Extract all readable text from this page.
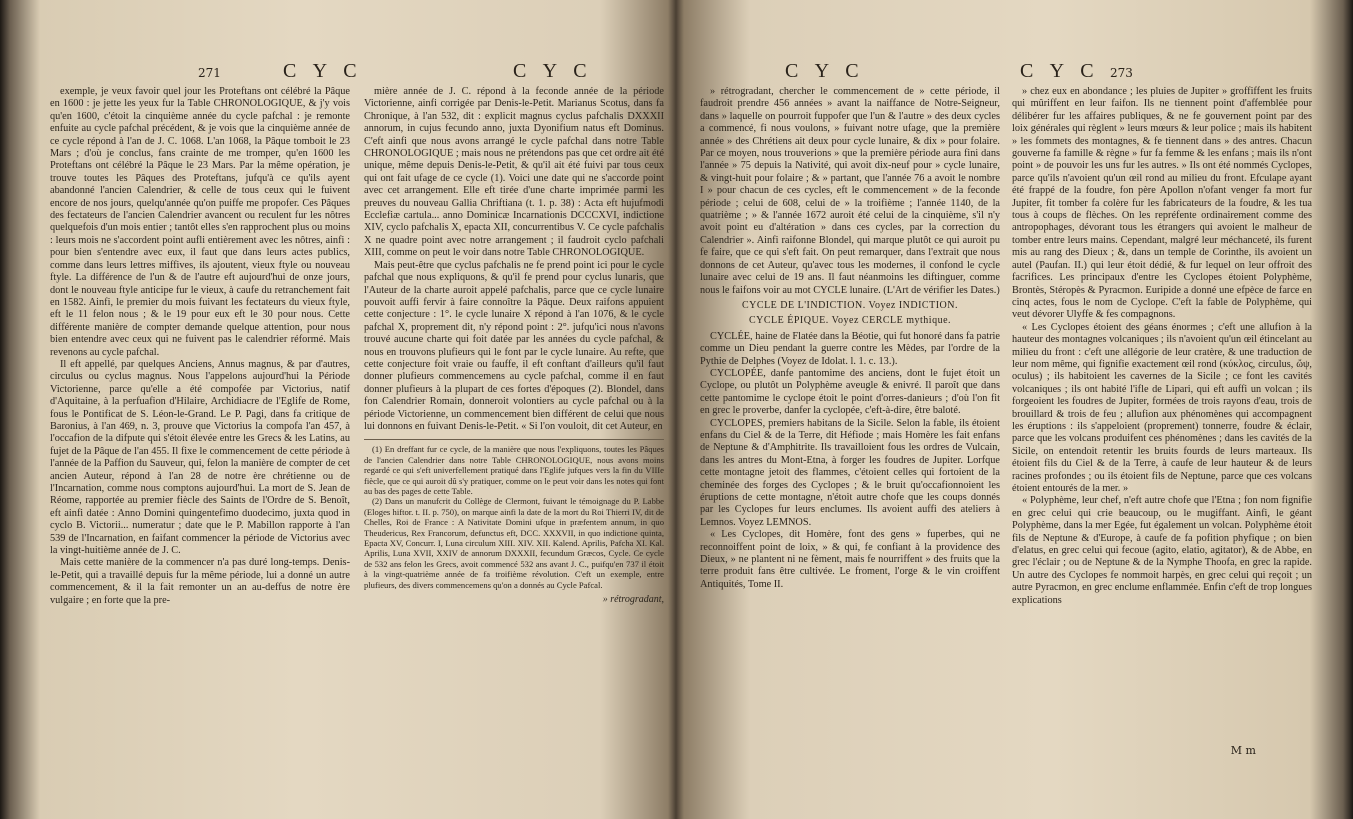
271	C Y C	C Y C

exemple, je veux favoir quel jour les Proteftans ont célébré la Pâque en 1600 : je jette les yeux fur la Table CHRONOLOGIQUE, & j'y vois qu'en 1600, c'étoit la cinquième année du cycle pafchal : je remonte enfuite au cycle pafchal précédent, & je vois que la cinquième année de ce cycle répond à l'an de J. C. 1068. L'an 1068, la Pâque tomboit le 23 Mars ; d'où je conclus, fans crainte de me tromper, qu'en 1600 les Proteftans ont célébré la Pâque le 23 Mars. Par la même opération, je trouve toutes les Pâques des Proteftans, jufqu'à ce qu'ils ayent abandonné l'ancien Calendrier, & celle de tous ceux qui le fuivent encore de nos jours, quelqu'année qu'on puiffe me propofer. Ces Pâques des fectateurs de l'ancien Calendrier avancent ou reculent fur les nôtres quelquefois d'un mois entier ; tantôt elles s'en rapprochent plus ou moins : leurs mois ne s'accordent point aufli entièrement avec les nôtres, ainfi : pour bien s'entendre avec eux, il faut que dans leurs actes publics, comme dans leurs lettres miffives, ils ajoutent, vieux ftyle ou nouveau ftyle. La différence de l'un & de l'autre eft aujourd'hui de onze jours, dont le nouveau ftyle anticipe fur le vieux, à caufe du retranchement fait en 1582. Ainfi, le premier du mois fuivant les fectateurs du vieux ftyle, eft le 11 felon nous ; & le 19 pour eux eft le 30 pour nous. Cette différente manière de compter demande quelque attention, pour nous bien entendre avec ceux qui ne fuivent pas le calendrier réformé. Mais revenons au cycle pafchal.

Il eft appellé, par quelques Anciens, Annus magnus, & par d'autres, circulus ou cyclus magnus. Nous l'appelons aujourd'hui la Période Victorienne, parce qu'elle a été compofée par Victorius, natif d'Aquitaine, à la perfuafion d'Hilaire, Archidiacre de l'Eglife de Rome, fous le Pontificat de S. Léon-le-Grand. Le P. Pagi, dans fa critique de Baronius, à l'an 469, n. 3, prouve que Victorius la compofa l'an 457, à l'occafion de la difpute qui s'étoit élevée entre les Grecs & les Latins, au fujet de la Pâque de l'an 455. Il fixe le commencement de cette période à l'année de la Paffion du Sauveur, qui, felon la manière de compter de cet ancien Auteur, répond à l'an 28 de notre ère chrétienne ou de l'Incarnation, comme nous comptons aujourd'hui. La mort de S. Jean de Réome, rapportée au premier fiècle des Saints de l'Ordre de S. Benoît, eft ainfi datée : Anno Domini quingentefimo duodecimo, juxta quod in cyclo B. Victorii... numeratur ; date que le P. Mabillon rapporte à l'an 539 de l'Incarnation, en faifant commencer la période de Victorius avec la vingt-huitième année de J. C.

Mais cette manière de la commencer n'a pas duré long-temps. Denis-le-Petit, qui a travaillé depuis fur la même période, lui a donné un autre commencement, & il la fait remonter un an au-deffus de notre ère vulgaire ; en forte que la pre-

mière année de J. C. répond à la feconde année de la période Victorienne, ainfi corrigée par Denis-le-Petit. Marianus Scotus, dans fa Chronique, à l'an 532, dit : explicit magnus cyclus pafchalis DXXXII annorum, in cujus fecundo anno, juxta Dyonifium natus eft Dominus. C'eft ainfi que nous avons arrangé le cycle pafchal dans notre Table CHRONOLOGIQUE ; mais nous ne prétendons pas que cet ordre ait été unique, même depuis Denis-le-Petit, & qu'il ait été fuivi par tous ceux qui ont fait ufage de ce cycle (1). Voici une date qui ne s'accorde point avec cet arrangement. Elle eft tirée d'une charte imprimée parmi les preuves du nouveau Gallia Chriftiana (t. 1. p. 38) : Acta eft hujufmodi Ecclefiæ cartula... anno Dominicæ Incarnationis DCCCXVI, indictione XIV, cyclo pafchalis X, epacta XII, concurrentibus V. Ce cycle pafchalis X ne quadre point avec notre arrangement ; il faudroit cyclo pafchali XIII, comme on peut le voir dans notre Table CHRONOLOGIQUE.

Mais peut-être que cyclus pafchalis ne fe prend point ici pour le cycle pafchal que nous expliquons, & qu'il fe prend pour cyclus lunaris, que l'Auteur de la charte auroit appelé pafchalis, parce que ce cycle lunaire pouvoit auffi fervir à faire connoître la Pâque. Deux raifons appuient cette conjecture : 1°. le cycle lunaire X répond à l'an 1076, & le cycle pafchal X, proprement dit, n'y répond point : 2°. jufqu'ici nous n'avons trouvé aucune charte qui foit datée par les années du cycle pafchal, & nous en trouvons plufieurs qui le font par le cycle lunaire. Au refte, que cette conjecture foit vraie ou fauffe, il eft conftant d'ailleurs qu'il faut donner plufieurs commencemens au cycle pafchal, comme il en faut donner plufieurs à la plupart de ces fortes d'époques (2). Blondel, dans fon Calendrier Romain, donneroit volontiers au cycle pafchal ou à la période Victorienne, un commencement bien différent de celui que nous lui donnons en fuivant Denis-le-Petit. « Si l'on vouloit, dit cet Auteur, en

(1) En dreffant fur ce cycle, de la manière que nous l'expliquons, toutes les Pâques de l'ancien Calendrier dans notre Table CHRONOLOGIQUE, nous avons moins regardé ce qui s'eft univerfellement pratiqué dans l'Eglife jufques vers la fin du VIIIe fiècle, que ce qui auroit dû s'y pratiquer, comme on le peut voir dans les notes qui font au bas des pages de cette Table.

(2) Dans un manufcrit du Collège de Clermont, fuivant le témoignage du P. Labbe (Eloges hiftor. t. II. p. 750), on marque ainfi la date de la mort du Roi Thierri IV, dit de Chelles, Roi de France : A Nativitate Domini ufque in præfentem annum, in quo Theudericus, Rex Francorum, defunctus eft, DCC. XXXVII, in quo indictione quinta, Epacta XV, Concurr. I, Luna circulum XIII. XIV. XII. Kalend. Aprilis, Pafcha XI. Kal. Aprilis, Luna XVII, XXIV de annorum DXXXII, fecundum Græcos, Cycle. Ce cycle de 532 ans felon les Grecs, avoit commencé 532 ans avant J. C., puifqu'en 737 il étoit à la vingt-quatrième année de fa troifième révolution. C'eft un exemple, entre plufieurs, des divers commencemens qu'on a donnés au Cycle Pafcal.

» rétrogradant,
C Y C	C Y C 273

» rétrogradant, chercher le commencement de » cette période, il faudroit prendre 456 années » avant la naiffance de Notre-Seigneur, dans » laquelle on pourroit fuppofer que l'un & l'autre » des deux cycles a commencé, fi nous voulons, » fuivant notre ufage, que la première année » des Chrétiens ait deux pour cycle lunaire, & dix » pour folaire. Par ce moyen, nous trouverions » que la première période aura fini dans l'année » 75 depuis la Nativité, qui avoit dix-neuf pour » cycle lunaire, & vingt-huit pour folaire ; & » partant, que l'année 76 a avoit le nombre I » pour chacun de ces cycles, eft le commencement » de la feconde période ; celui de 608, celui de » la troifième ; l'année 1140, de la quatrième ; » & l'année 1672 auroit été celui de la cinquième, s'il n'y avoit point eu d'altération » dans ces cycles, par la correction du Calendrier ». Ainfi raifonne Blondel, qui marque plutôt ce qui auroit pu fe faire, que ce qui s'eft fait. On peut remarquer, dans l'extrait que nous donnons de cet Auteur, qu'avec tous les modernes, il confond le cycle lunaire avec celui de 19 ans. Il faut néanmoins les diftinguer, comme nous le faifons voir au mot CYCLE lunaire. (L'Art de vérifier les Dates.)

CYCLE DE L'INDICTION. Voyez INDICTION.

CYCLE ÉPIQUE. Voyez CERCLE mythique.

CYCLÉE, haine de Flatée dans la Béotie, qui fut honoré dans fa patrie comme un Dieu pendant la guerre contre les Mèdes, par l'ordre de la Pythie de Delphes (Voyez de Idolat. l. 1. c. 13.).

CYCLOPÉE, danfe pantomime des anciens, dont le fujet étoit un Cyclope, ou plutôt un Polyphème aveugle & enivré. Il paroît que dans cette pantomime le cyclope étoit le point d'orres-danieurs ; d'où l'on fit en grec le proverbe, danfer la cyclopée, c'eft-à-dire, être baloté.

CYCLOPES, premiers habitans de la Sicile. Selon la fable, ils étoient enfans du Ciel & de la Terre, dit Héfiode ; mais Homère les fait enfans de Neptune & d'Amphitrite. Ils travailloient fous les ordres de Vulcain, dans les antres du Mont-Etna, à forger les foudres de Jupiter. Lorfque cette montagne jetoit des flammes, c'étoient celles qui fortoient de la cheminée des forges des Cyclopes ; & le bruit qu'occafionnoient les éruptions de cette montagne, n'étoit autre chofe que les coups donnés par les Cyclopes fur leurs enclumes. Ils avoient auffi des ateliers à Lemnos. Voyez LEMNOS.

« Les Cyclopes, dit Homère, font des gens » fuperbes, qui ne reconnoiffent point de loix, » & qui, fe confiant à la providence des Dieux, » ne plantent ni ne fèment, mais fe nourriffent » des fruits que la terre produit fans être cultivée. Le froment, l'orge & le vin croiffent Antiquités, Tome II.

» chez eux en abondance ; les pluies de Jupiter » groffiffent les fruits qui mûriffent en leur faifon. Ils ne tiennent point d'affemblée pour délibérer fur les affaires publiques, & ne fe gouvernent point par des loix générales qui règlent » leurs mœurs & leur police ; mais ils habitent » les fommets des montagnes, & fe tiennent dans » des antres. Chacun gouverne fa famille & règne » fur fa femme & les enfans ; mais ils n'ont point » de pouvoir les uns fur les autres. » Ils ont été nommés Cyclopes, parce qu'ils n'avoient qu'un œil rond au milieu du front. Efculape ayant été frappé de la foudre, fon père Apollon n'ofant venger fa mort fur Jupiter, fit tomber fa colère fur les fabricateurs de la foudre, & les tua tous à coups de flèches. On les repréfente ordinairement comme des antropophages, dévorant tous les étrangers qui avoient le malheur de tomber entre leurs mains. Cependant, malgré leur méchanceté, ils furent mis au rang des Dieux ; &, dans un temple de Corinthe, ils avoient un autel (Paufan. II.) qui leur étoit dédié, & fur lequel on leur offroit des facrifices. Les principaux d'entre les Cyclopes étoient Polyphème, Brontès, Stéropès & Pyracmon. Euripide a donné une efpèce de farce en cinq actes, fous le nom de Cyclope. C'eft la fable de Polyphème, qui veut dévorer Ulyffe & fes compagnons.

« Les Cyclopes étoient des géans énormes ; c'eft une allufion à la hauteur des montagnes volcaniques ; ils n'avoient qu'un œil étincelant au milieu du front : c'eft une allégorie de leur cratère, & une traduction de leur nom même, qui fignifie exactement œil rond (κύκλος, circulus, ὤψ, oculus) ; ils habitoient les cavernes de la Sicile ; ce font les cavités volcaniques ; ils ont habité l'ifle de Lipari, qui eft auffi un volcan ; ils forgeoient les foudres de Jupiter, formées de trois rayons d'eau, trois de brouillard & trois de feu ; allufion aux phénomènes qui accompagnent les éruptions : ils s'appeloient (proprement) tonnerre, foudre & éclair, parce que les volcans produifent ces phénomènes ; dans les cavités de la Sicile, on entendoit retentir les bruits fourds de leurs marteaux. Ils étoient fils du Ciel & de la Terre, à caufe de leur hauteur & de leurs racines profondes ; ou ils étoient fils de Neptune, parce que ces volcans étoient entourés de la mer. »

« Polyphème, leur chef, n'eft autre chofe que l'Etna ; fon nom fignifie en grec celui qui crie beaucoup, ou le mugiffant. Ainfi, le géant Polyphème, dans la mer Egée, fut également un volcan. Polyphème étoit fils de Neptune & d'Europe, à caufe de fa pofition phyfique ; on bien d'elatus, en grec celui qui fecoue (agito, elatio, agitator), & de Abbe, en grec l'éclair ; ou de Neptune & de la Nymphe Thoofa, en grec la rapide. Un autre des Cyclopes fe nommoit harpès, en grec celui qui reçoit ; un autre Pyracmon, en grec enclume enflammée. Enfin c'eft de trop longues explications

M m
